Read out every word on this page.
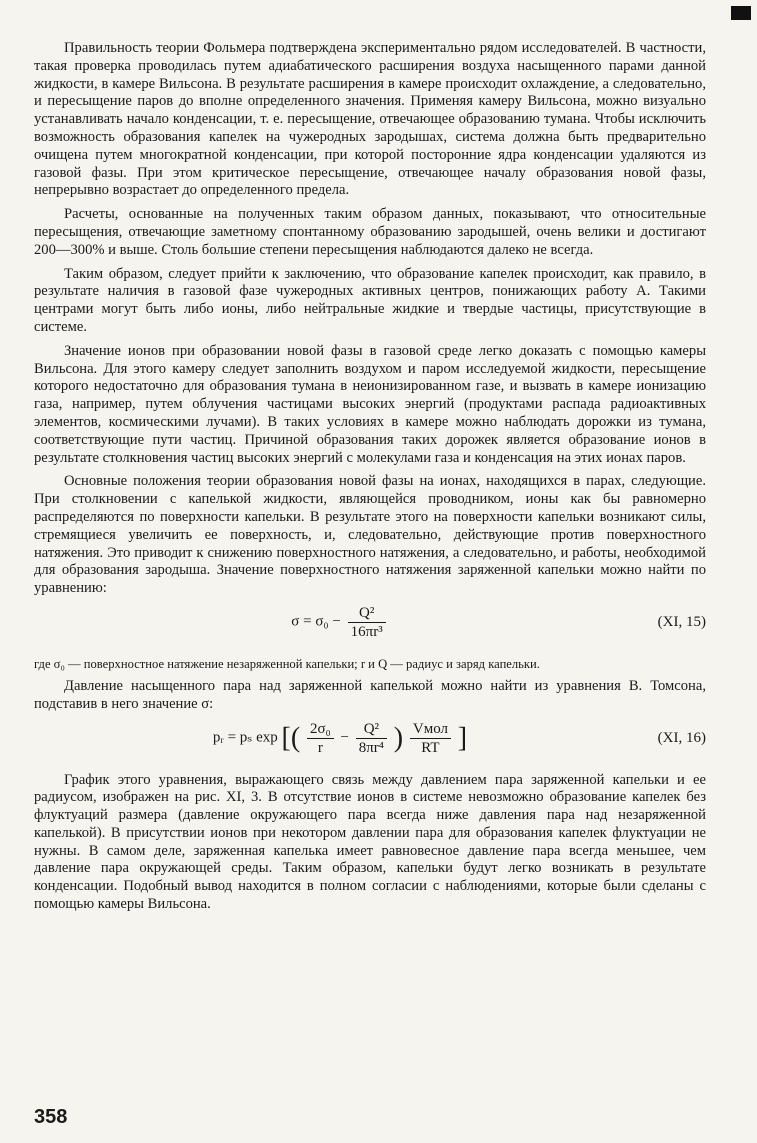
Правильность теории Фольмера подтверждена экспериментально рядом исследователей. В частности, такая проверка проводилась путем адиабатического расширения воздуха насыщенного парами данной жидкости, в камере Вильсона. В результате расширения в камере происходит охлаждение, а следовательно, и пересыщение паров до вполне определенного значения. Применяя камеру Вильсона, можно визуально устанавливать начало конденсации, т. е. пересыщение, отвечающее образованию тумана. Чтобы исключить возможность образования капелек на чужеродных зародышах, система должна быть предварительно очищена путем многократной конденсации, при которой посторонние ядра конденсации удаляются из газовой фазы. При этом критическое пересыщение, отвечающее началу образования новой фазы, непрерывно возрастает до определенного предела.

Расчеты, основанные на полученных таким образом данных, показывают, что относительные пересыщения, отвечающие заметному спонтанному образованию зародышей, очень велики и достигают 200—300% и выше. Столь большие степени пересыщения наблюдаются далеко не всегда.

Таким образом, следует прийти к заключению, что образование капелек происходит, как правило, в результате наличия в газовой фазе чужеродных активных центров, понижающих работу A. Такими центрами могут быть либо ионы, либо нейтральные жидкие и твердые частицы, присутствующие в системе.

Значение ионов при образовании новой фазы в газовой среде легко доказать с помощью камеры Вильсона. Для этого камеру следует заполнить воздухом и паром исследуемой жидкости, пересыщение которого недостаточно для образования тумана в неионизированном газе, и вызвать в камере ионизацию газа, например, путем облучения частицами высоких энергий (продуктами распада радиоактивных элементов, космическими лучами). В таких условиях в камере можно наблюдать дорожки из тумана, соответствующие пути частиц. Причиной образования таких дорожек является образование ионов в результате столкновения частиц высоких энергий с молекулами газа и конденсация на этих ионах паров.

Основные положения теории образования новой фазы на ионах, находящихся в парах, следующие. При столкновении с капелькой жидкости, являющейся проводником, ионы как бы равномерно распределяются по поверхности капельки. В результате этого на поверхности капельки возникают силы, стремящиеся увеличить ее поверхность, и, следовательно, действующие против поверхностного натяжения. Это приводит к снижению поверхностного натяжения, а следовательно, и работы, необходимой для образования зародыша. Значение поверхностного натяжения заряженной капельки можно найти по уравнению:

$\sigma = \sigma_0 - \frac{\text{Q²}}{\text{16πr³}}$	(XI, 15)

где σ₀ — поверхностное натяжение незаряженной капельки; r и Q — радиус и заряд капельки.

Давление насыщенного пара над заряженной капелькой можно найти из уравнения В. Томсона, подставив в него значение σ:

pᵣ = pₛ exp [( $\frac{\text{2σ₀}}{r} - \frac{\text{Q²}}{\text{8πr⁴}}$ ) $\frac{\text{Vмол}}{RT}$ ]	(XI, 16)

График этого уравнения, выражающего связь между давлением пара заряженной капельки и ее радиусом, изображен на рис. XI, 3. В отсутствие ионов в системе невозможно образование капелек без флуктуаций размера (давление окружающего пара всегда ниже давления пара над незаряженной капелькой). В присутствии ионов при некотором давлении пара для образования капелек флуктуации не нужны. В самом деле, заряженная капелька имеет равновесное давление пара всегда меньшее, чем давление пара окружающей среды. Таким образом, капельки будут легко возникать в результате конденсации. Подобный вывод находится в полном согласии с наблюдениями, которые были сделаны с помощью камеры Вильсона.

358
